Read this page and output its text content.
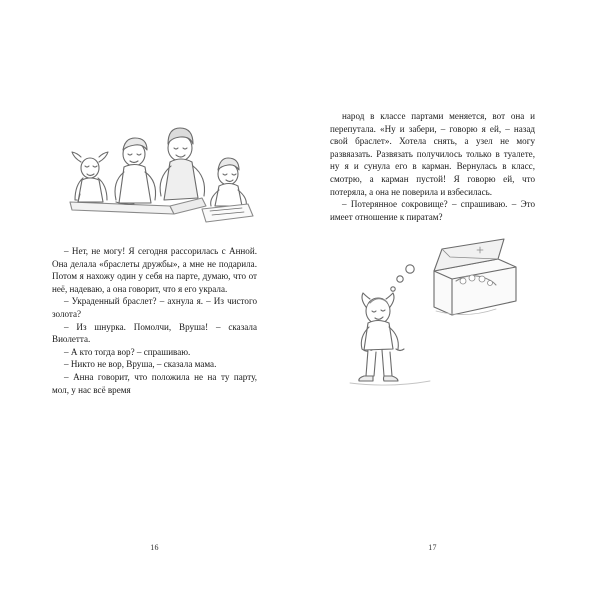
– Нет, не могу! Я сегодня рассорилась с Анной. Она делала «браслеты дружбы», а мне не подарила. Потом я нахожу один у себя на парте, думаю, что от неё, надеваю, а она говорит, что я его украла.

– Украденный браслет? – ахнула я. – Из чистого золота?

– Из шнурка. Помолчи, Вруша! – сказала Виолетта.

– А кто тогда вор? – спрашиваю.

– Никто не вор, Вруша, – сказала мама.

– Анна говорит, что положила не на ту парту, мол, у нас всё время

16

народ в классе партами меняется, вот она и перепутала. «Ну и забери, – говорю я ей, – назад свой браслет». Хотела снять, а узел не могу развяазать. Развязать получилось только в туалете, ну я и сунула его в карман. Вернулась в класс, смотрю, а карман пустой! Я говорю ей, что потеряла, а она не поверила и взбесилась.

– Потерянное сокровище? – спрашиваю. – Это имеет отношение к пиратам?

17
